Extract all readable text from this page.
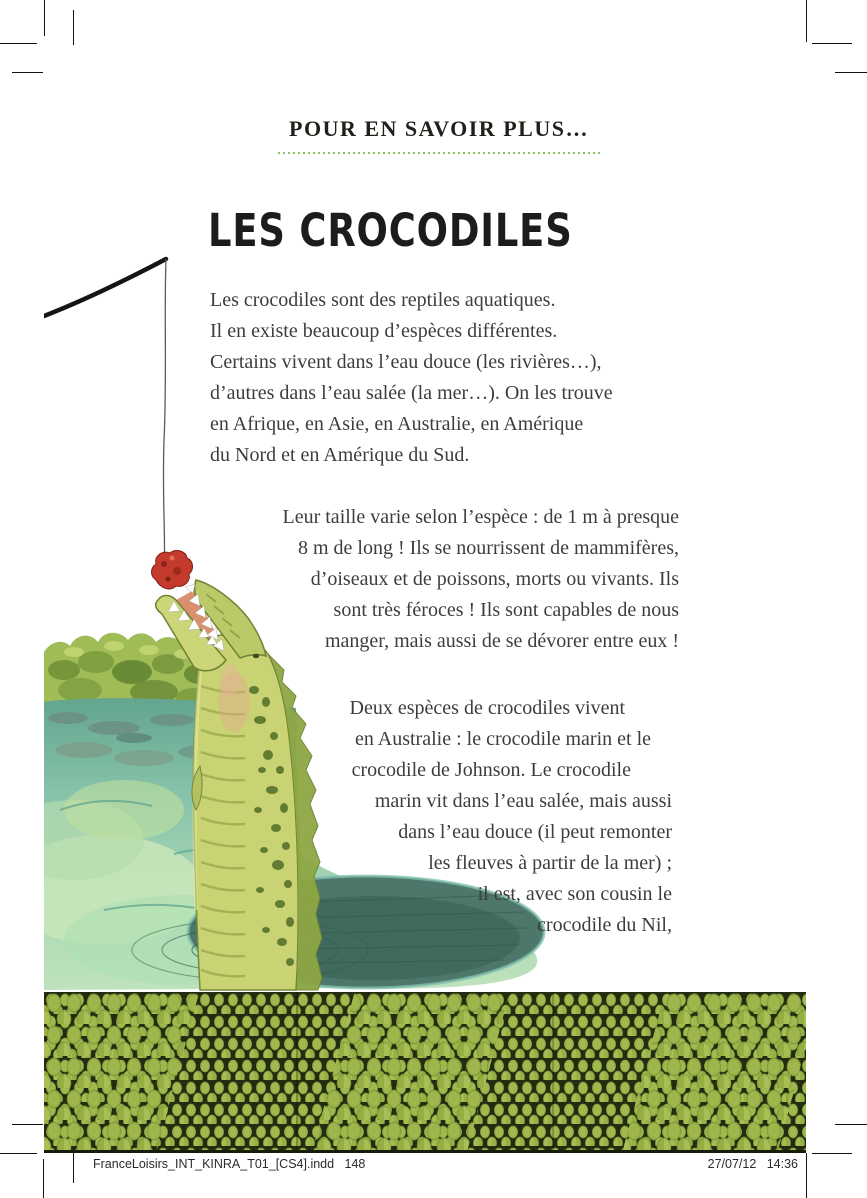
POUR EN SAVOIR PLUS…
LES CROCODILES
Les crocodiles sont des reptiles aquatiques.
Il en existe beaucoup d’espèces différentes.
Certains vivent dans l’eau douce (les rivières…),
d’autres dans l’eau salée (la mer…). On les trouve
en Afrique, en Asie, en Australie, en Amérique
du Nord et en Amérique du Sud.
Leur taille varie selon l’espèce : de 1 m à presque
8 m de long ! Ils se nourrissent de mammifères,
d’oiseaux et de poissons, morts ou vivants. Ils
sont très féroces ! Ils sont capables de nous
manger, mais aussi de se dévorer entre eux !
Deux espèces de crocodiles vivent
en Australie : le crocodile marin et le
crocodile de Johnson. Le crocodile
marin vit dans l’eau salée, mais aussi
dans l’eau douce (il peut remonter
les fleuves à partir de la mer) ;
il est, avec son cousin le
crocodile du Nil,
FranceLoisirs_INT_KINRA_T01_[CS4].indd   148	27/07/12   14:36
